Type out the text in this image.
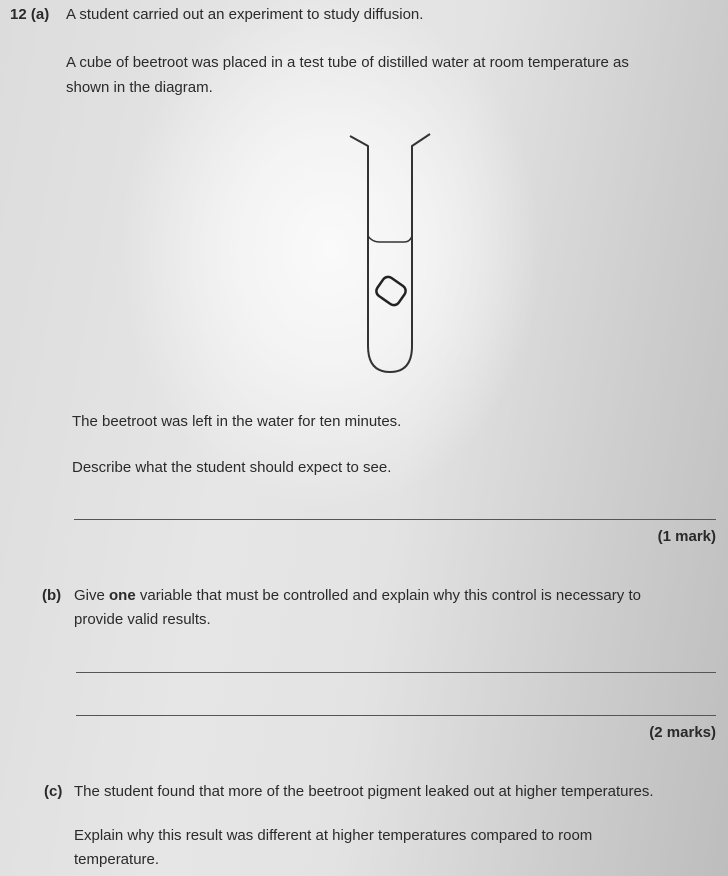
12 (a) A student carried out an experiment to study diffusion.
A cube of beetroot was placed in a test tube of distilled water at room temperature as
shown in the diagram.
The beetroot was left in the water for ten minutes.
Describe what the student should expect to see.
(1 mark)
(b) Give one variable that must be controlled and explain why this control is necessary to
provide valid results.
(2 marks)
(c) The student found that more of the beetroot pigment leaked out at higher temperatures.
Explain why this result was different at higher temperatures compared to room
temperature.
